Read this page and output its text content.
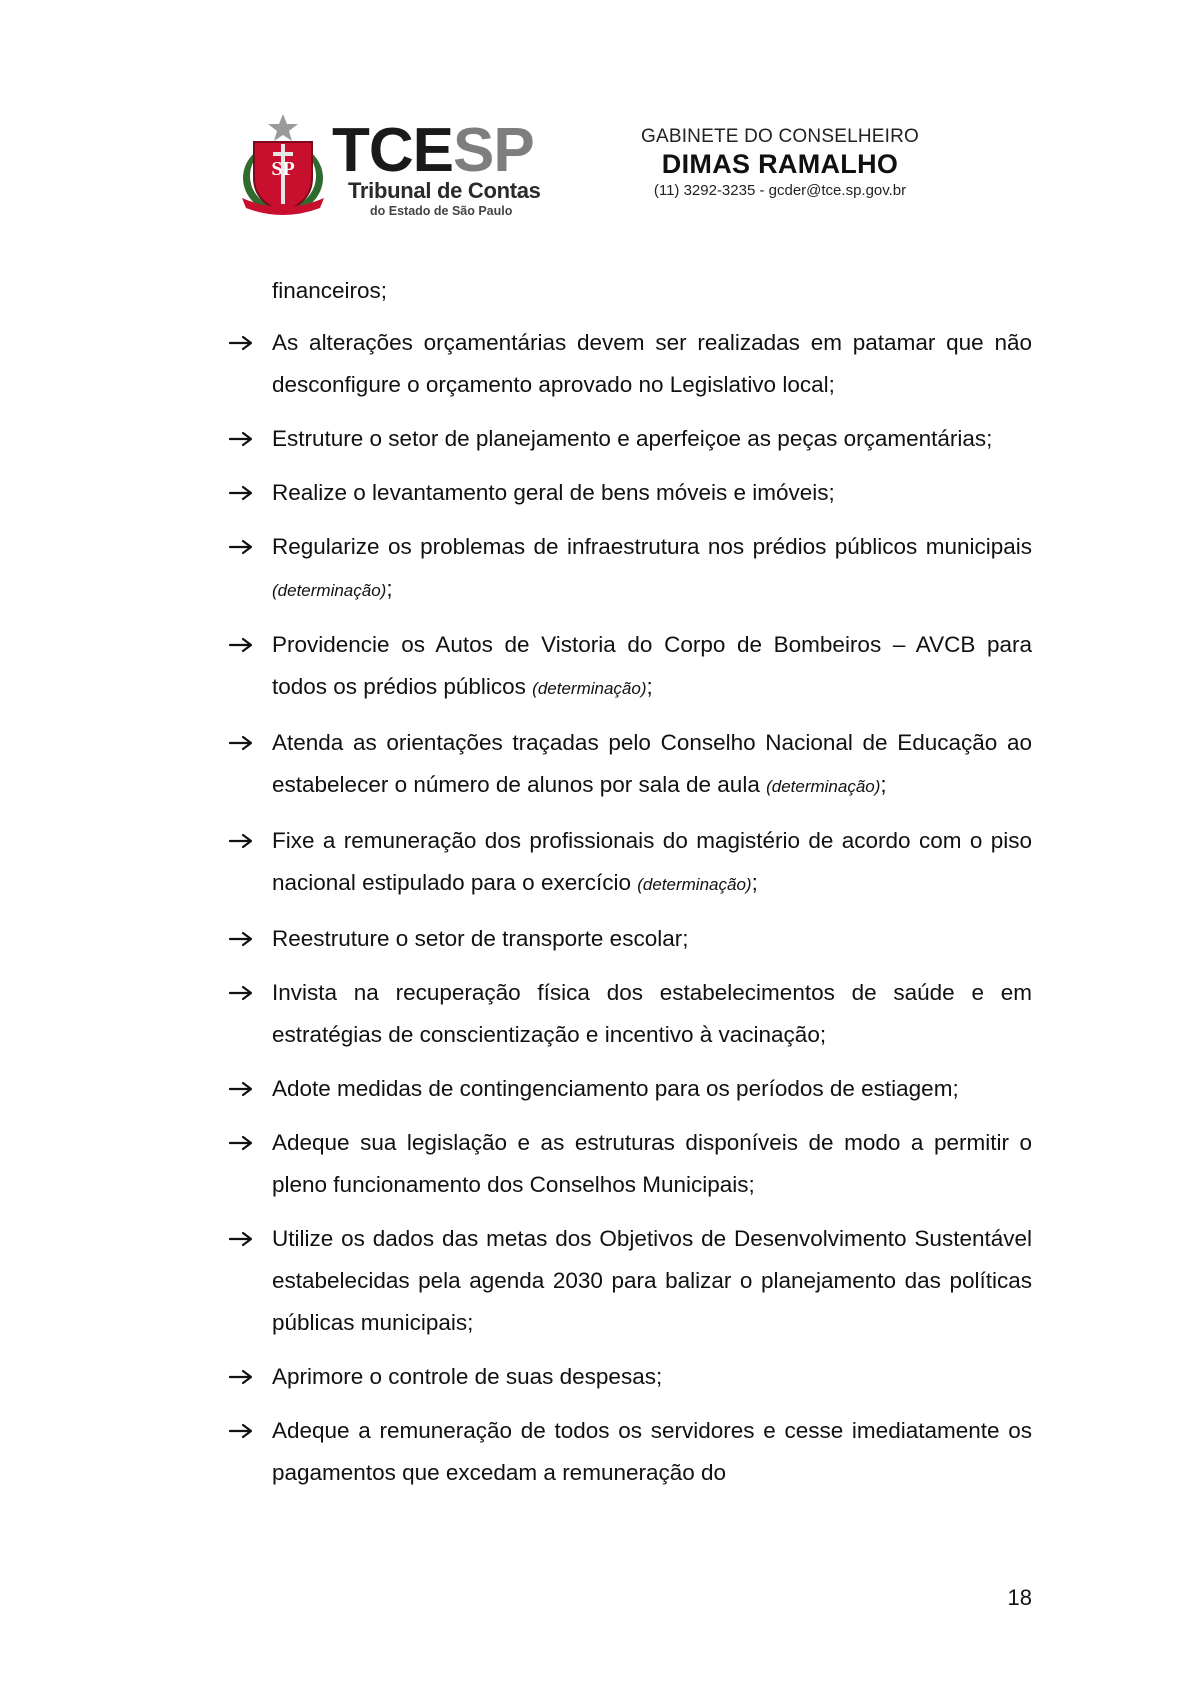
SP TCESP
Tribunal de Contas
do Estado de São Paulo
GABINETE DO CONSELHEIRO
DIMAS RAMALHO
(11) 3292-3235 - gcder@tce.sp.gov.br

financeiros;

As alterações orçamentárias devem ser realizadas em patamar que não desconfigure o orçamento aprovado no Legislativo local;
Estruture o setor de planejamento e aperfeiçoe as peças orçamentárias;
Realize o levantamento geral de bens móveis e imóveis;
Regularize os problemas de infraestrutura nos prédios públicos municipais (determinação);
Providencie os Autos de Vistoria do Corpo de Bombeiros – AVCB para todos os prédios públicos (determinação);
Atenda as orientações traçadas pelo Conselho Nacional de Educação ao estabelecer o número de alunos por sala de aula (determinação);
Fixe a remuneração dos profissionais do magistério de acordo com o piso nacional estipulado para o exercício (determinação);
Reestruture o setor de transporte escolar;
Invista na recuperação física dos estabelecimentos de saúde e em estratégias de conscientização e incentivo à vacinação;
Adote medidas de contingenciamento para os períodos de estiagem;
Adeque sua legislação e as estruturas disponíveis de modo a permitir o pleno funcionamento dos Conselhos Municipais;
Utilize os dados das metas dos Objetivos de Desenvolvimento Sustentável estabelecidas pela agenda 2030 para balizar o planejamento das políticas públicas municipais;
Aprimore o controle de suas despesas;
Adeque a remuneração de todos os servidores e cesse imediatamente os pagamentos que excedam a remuneração do
18
